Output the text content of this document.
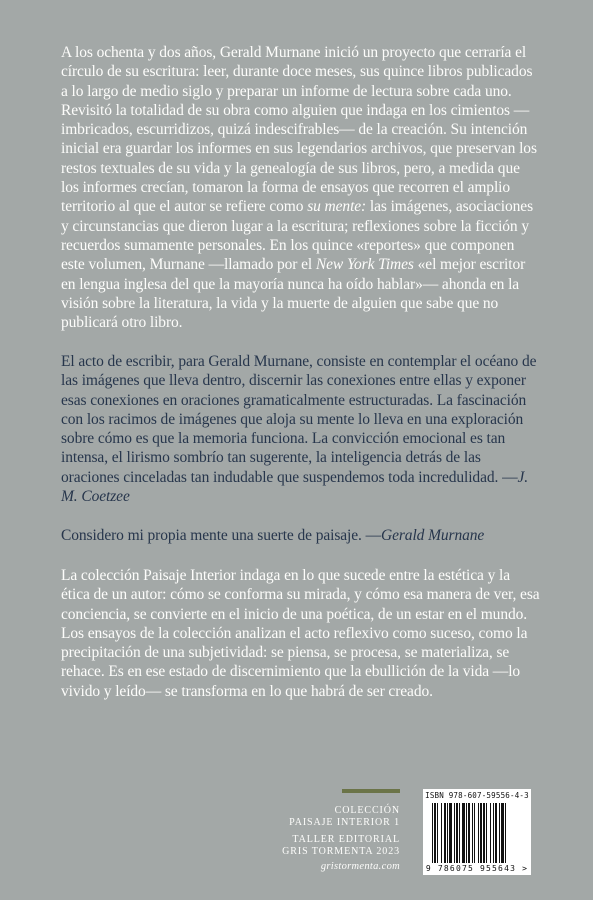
A los ochenta y dos años, Gerald Murnane inició un proyecto que cerraría el círculo de su escritura: leer, durante doce meses, sus quince libros publicados a lo largo de medio siglo y preparar un informe de lectura sobre cada uno. Revisitó la totalidad de su obra como alguien que indaga en los cimientos —imbricados, escurridizos, quizá indescifrables— de la creación. Su intención inicial era guardar los informes en sus legendarios archivos, que preservan los restos textuales de su vida y la genealogía de sus libros, pero, a medida que los informes crecían, tomaron la forma de ensayos que recorren el amplio territorio al que el autor se refiere como su mente: las imágenes, asociaciones y circunstancias que dieron lugar a la escritura; reflexiones sobre la ficción y recuerdos sumamente personales. En los quince «reportes» que componen este volumen, Murnane —llamado por el New York Times «el mejor escritor en lengua inglesa del que la mayoría nunca ha oído hablar»— ahonda en la visión sobre la literatura, la vida y la muerte de alguien que sabe que no publicará otro libro.

El acto de escribir, para Gerald Murnane, consiste en contemplar el océano de las imágenes que lleva dentro, discernir las conexiones entre ellas y exponer esas conexiones en oraciones gramaticalmente estructuradas. La fascinación con los racimos de imágenes que aloja su mente lo lleva en una exploración sobre cómo es que la memoria funciona. La convicción emocional es tan intensa, el lirismo sombrío tan sugerente, la inteligencia detrás de las oraciones cinceladas tan indudable que suspendemos toda incredulidad. —J. M. Coetzee

Considero mi propia mente una suerte de paisaje. —Gerald Murnane

La colección Paisaje Interior indaga en lo que sucede entre la estética y la ética de un autor: cómo se conforma su mirada, y cómo esa manera de ver, esa conciencia, se convierte en el inicio de una poética, de un estar en el mundo. Los ensayos de la colección analizan el acto reflexivo como suceso, como la precipitación de una subjetividad: se piensa, se procesa, se materializa, se rehace. Es en ese estado de discernimiento que la ebullición de la vida —lo vivido y leído— se transforma en lo que habrá de ser creado.

COLECCIÓN
PAISAJE INTERIOR 1
TALLER EDITORIAL
GRIS TORMENTA 2023
gristormenta.com
ISBN 978-607-59556-4-3
9 786075 955643 >
